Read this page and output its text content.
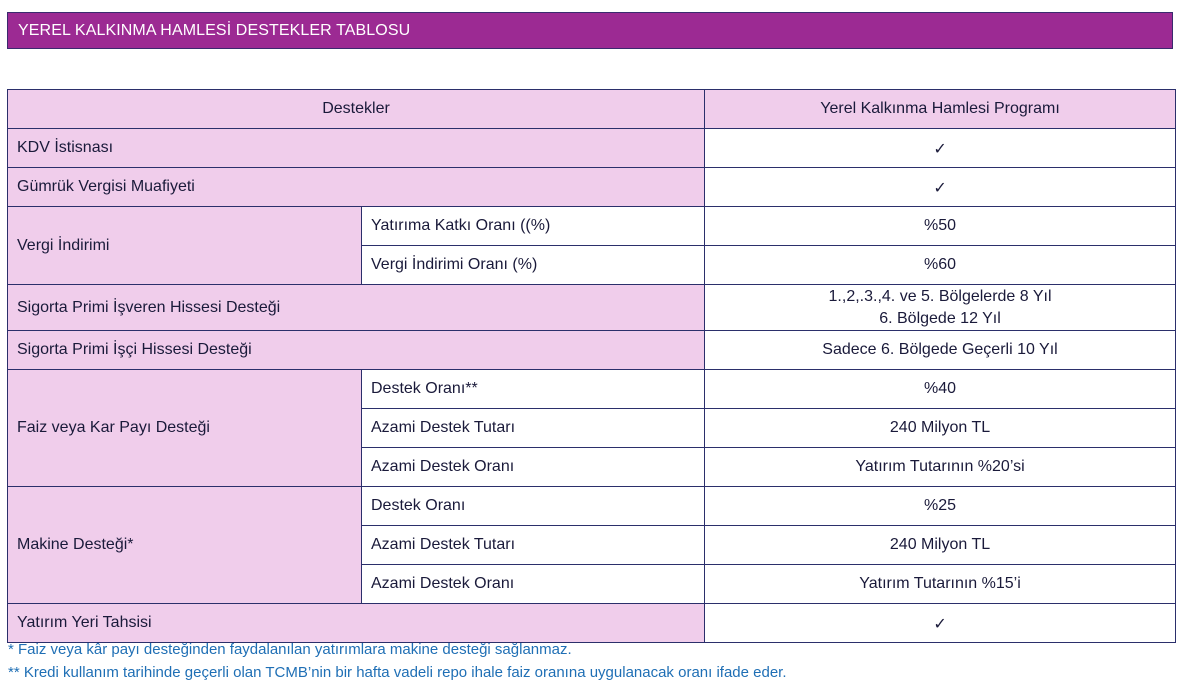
YEREL KALKINMA HAMLESİ DESTEKLER TABLOSU
Destekler		Yerel Kalkınma Hamlesi Programı
KDV İstisnası		✓
Gümrük Vergisi Muafiyeti		✓
Vergi İndirimi	Yatırıma Katkı Oranı ((%)	%50
	Vergi İndirimi Oranı (%)	%60
Sigorta Primi İşveren Hissesi Desteği		1.,2,.3.,4. ve 5. Bölgelerde 8 Yıl
6. Bölgede 12 Yıl

Sigorta Primi İşçi Hissesi Desteği		Sadece 6. Bölgede Geçerli 10 Yıl
Faiz veya Kar Payı Desteği	Destek Oranı**	%40
	Azami Destek Tutarı	240 Milyon TL
	Azami Destek Oranı	Yatırım Tutarının %20’si
Makine Desteği*	Destek Oranı	%25
	Azami Destek Tutarı	240 Milyon TL
	Azami Destek Oranı	Yatırım Tutarının %15’i
Yatırım Yeri Tahsisi		✓
* Faiz veya kâr payı desteğinden faydalanılan yatırımlara makine desteği sağlanmaz.
** Kredi kullanım tarihinde geçerli olan TCMB’nin bir hafta vadeli repo ihale faiz oranına uygulanacak oranı ifade eder.
